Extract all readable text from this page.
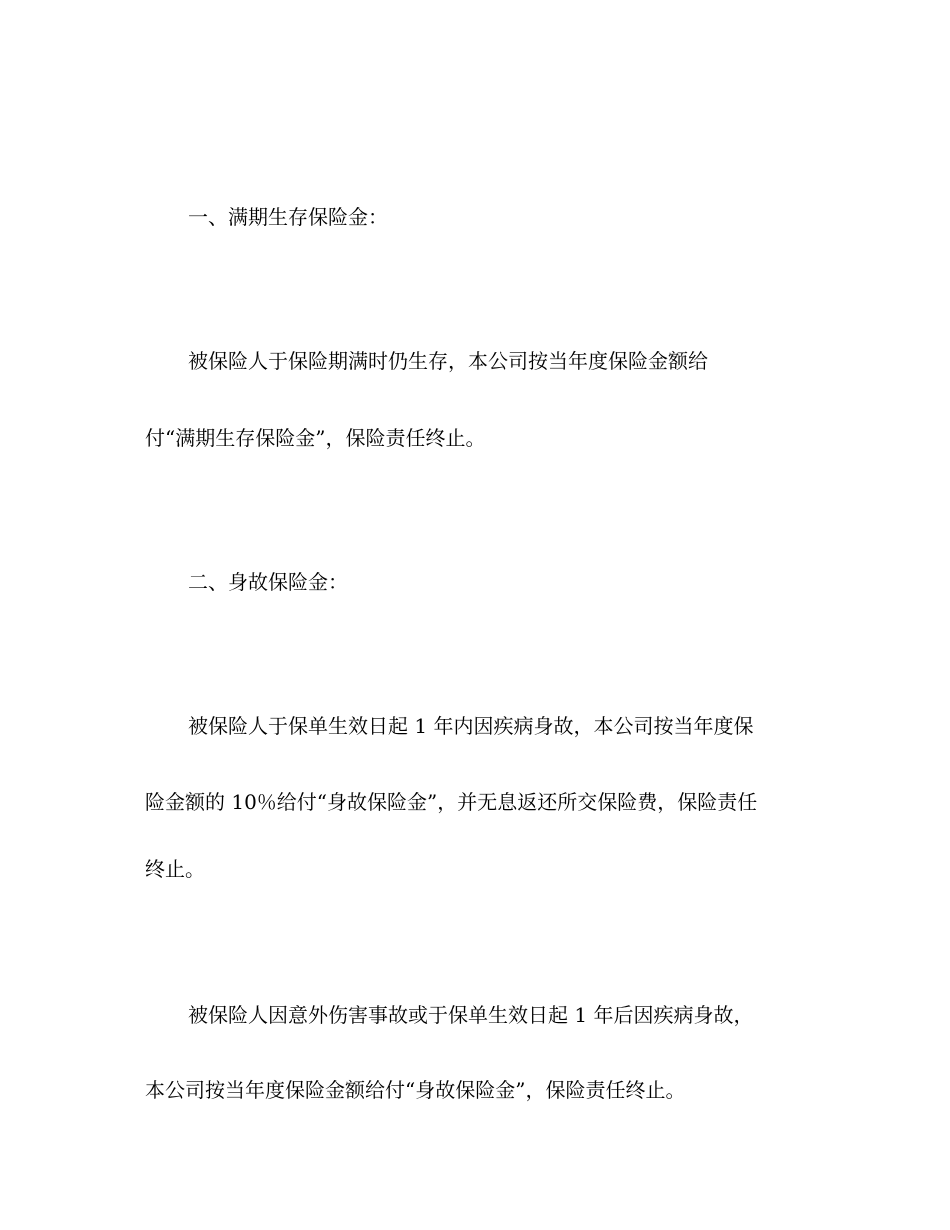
一、满期生存保险金：
被保险人于保险期满时仍生存，本公司按当年度保险金额给
付“满期生存保险金”，保险责任终止。
二、身故保险金：
被保险人于保单生效日起 1 年内因疾病身故，本公司按当年度保
险金额的 10％给付“身故保险金”，并无息返还所交保险费，保险责任
终止。
被保险人因意外伤害事故或于保单生效日起 1 年后因疾病身故，
本公司按当年度保险金额给付“身故保险金”，保险责任终止。
